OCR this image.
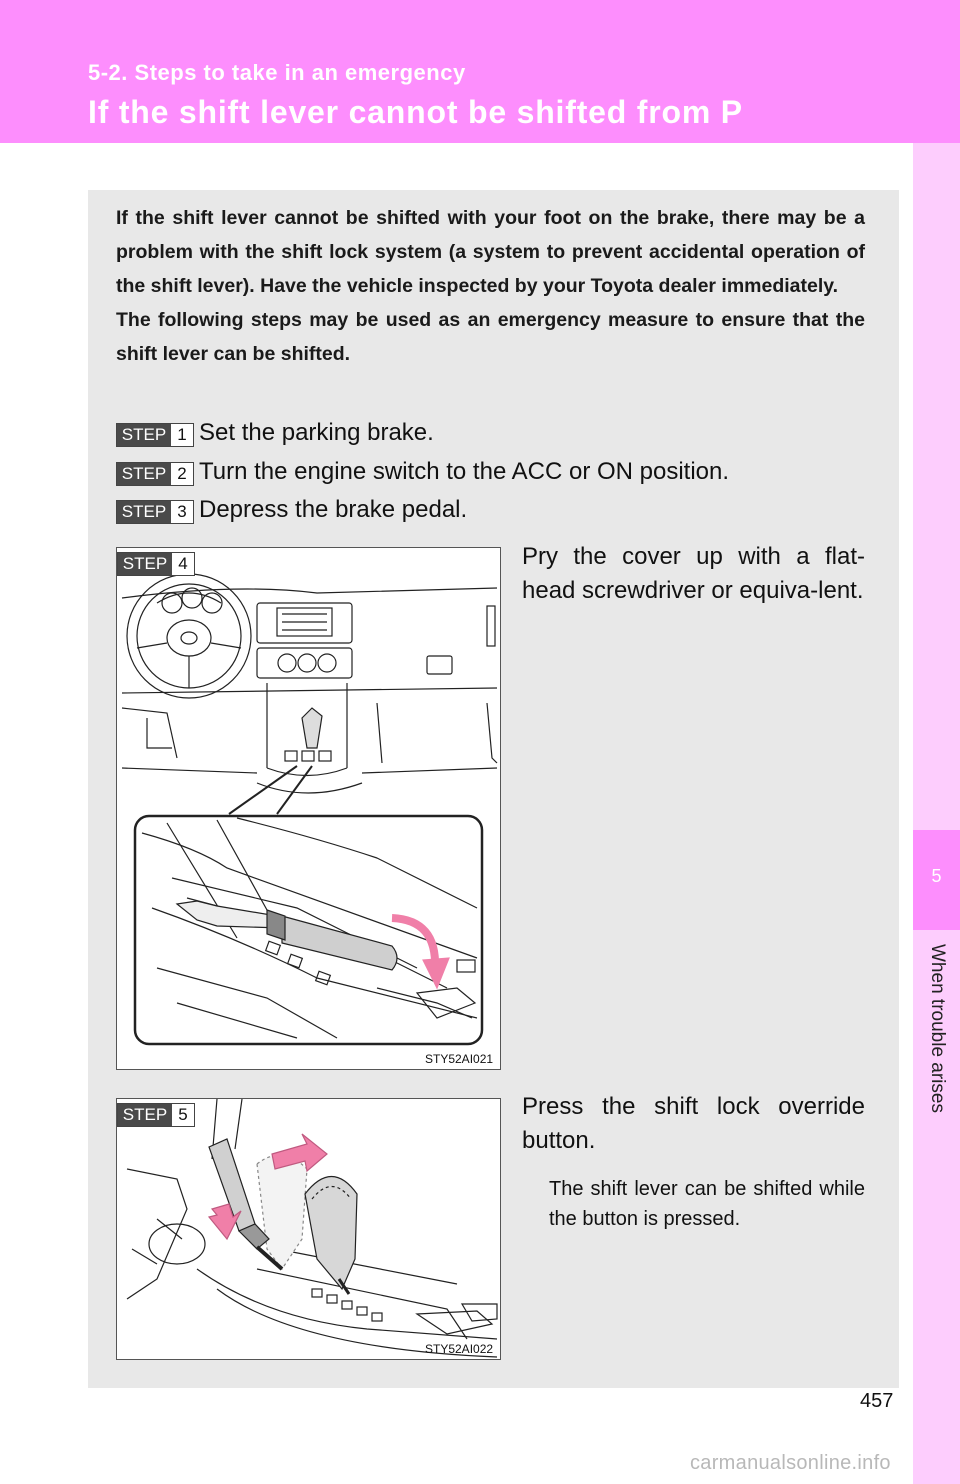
5-2. Steps to take in an emergency
If the shift lever cannot be shifted from P
5
When trouble arises

If the shift lever cannot be shifted with your foot on the brake, there may be a problem with the shift lock system (a system to prevent accidental operation of the shift lever). Have the vehicle inspected by your Toyota dealer immediately.

The following steps may be used as an emergency measure to ensure that the shift lever can be shifted.

STEP 1 Set the parking brake.
STEP 2 Turn the engine switch to the ACC or ON position.
STEP 3 Depress the brake pedal.
STEP 4
STY52AI021
Pry the cover up with a flat-head screwdriver or equiva-lent.
STEP 5
STY52AI022
Press the shift lock override button.
The shift lever can be shifted while the button is pressed.
457
carmanualsonline.info
